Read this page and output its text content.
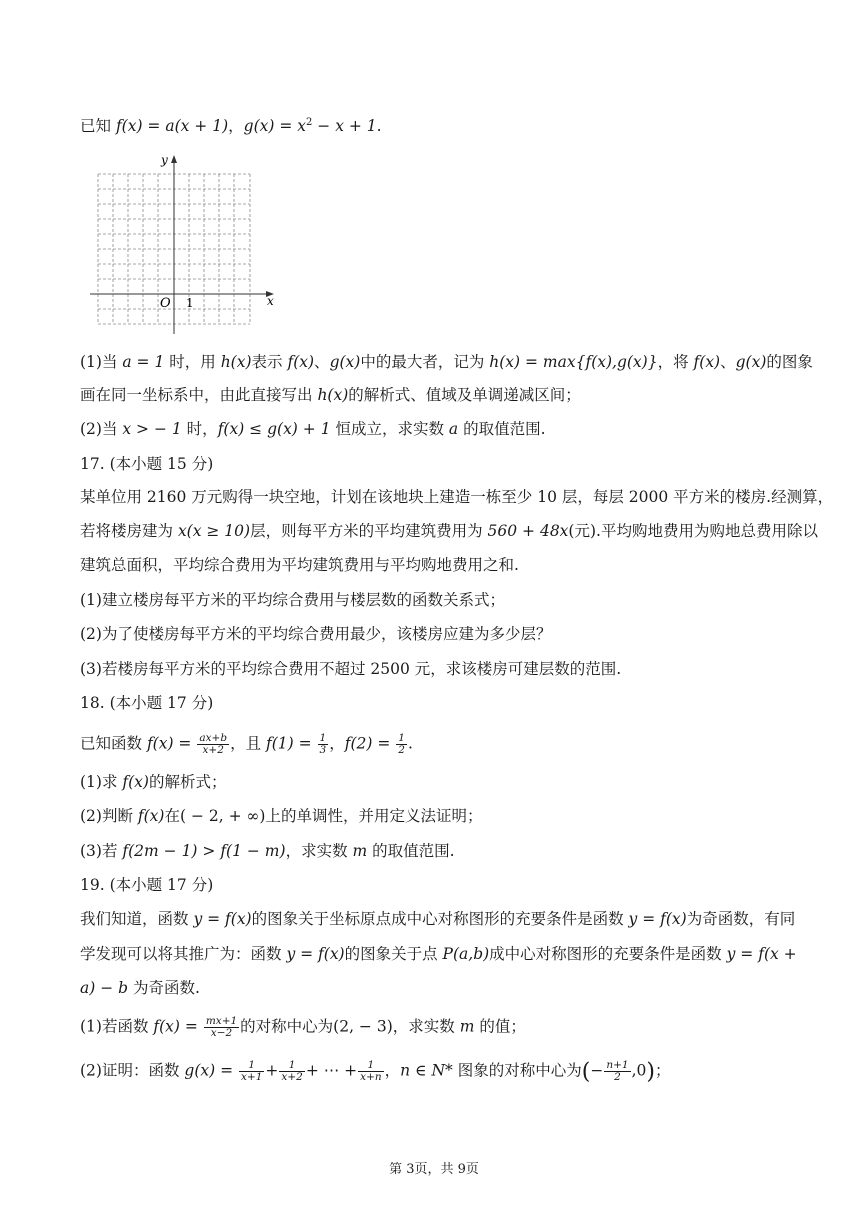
已知 f(x) = a(x + 1)，$g(x) = x^2 - x + 1$.
y
x
O 1
(1)当 a = 1 时，用 h(x)表示 f(x)、g(x)中的最大者，记为 h(x) = max{f(x),g(x)}，将 f(x)、g(x)的图象
画在同一坐标系中，由此直接写出 h(x)的解析式、值域及单调递减区间；
(2)当 x > − 1 时，f(x) ≤ g(x) + 1 恒成立，求实数 a 的取值范围.
17. (本小题 15 分)
某单位用 2160 万元购得一块空地，计划在该地块上建造一栋至少 10 层，每层 2000 平方米的楼房.经测算，
若将楼房建为 x(x ≥ 10)层，则每平方米的平均建筑费用为 560 + 48x(元).平均购地费用为购地总费用除以
建筑总面积，平均综合费用为平均建筑费用与平均购地费用之和.
(1)建立楼房每平方米的平均综合费用与楼层数的函数关系式；
(2)为了使楼房每平方米的平均综合费用最少，该楼房应建为多少层？
(3)若楼房每平方米的平均综合费用不超过 2500 元，求该楼房可建层数的范围.
18. (本小题 17 分)
已知函数 $f(x) = \frac{ax+b}{x+2}$ ，且 $f(1) = \frac{1}{3}$ ，$f(2) = \frac{1}{2}$ .
(1)求 f(x)的解析式；
(2)判断 f(x)在( − 2, + ∞)上的单调性，并用定义法证明；
(3)若 f(2m − 1) > f(1 − m)，求实数 m 的取值范围.
19. (本小题 17 分)
我们知道，函数 y = f(x)的图象关于坐标原点成中心对称图形的充要条件是函数 y = f(x)为奇函数，有同
学发现可以将其推广为：函数 y = f(x)的图象关于点 P(a,b)成中心对称图形的充要条件是函数 y = f(x +
a) − b 为奇函数.
(1)若函数 $f(x) = \frac{mx+1}{x-2}$ 的对称中心为(2, − 3)，求实数 m 的值；
(2)证明：函数 $g(x) = \frac{1}{x+1} + \frac{1}{x+2}$ + ⋯ + $\frac{1}{x+n}$ ，n ∈ N* 图象的对称中心为(− $\frac{n+1}{2} ,0$)；
第 3页，共 9页
